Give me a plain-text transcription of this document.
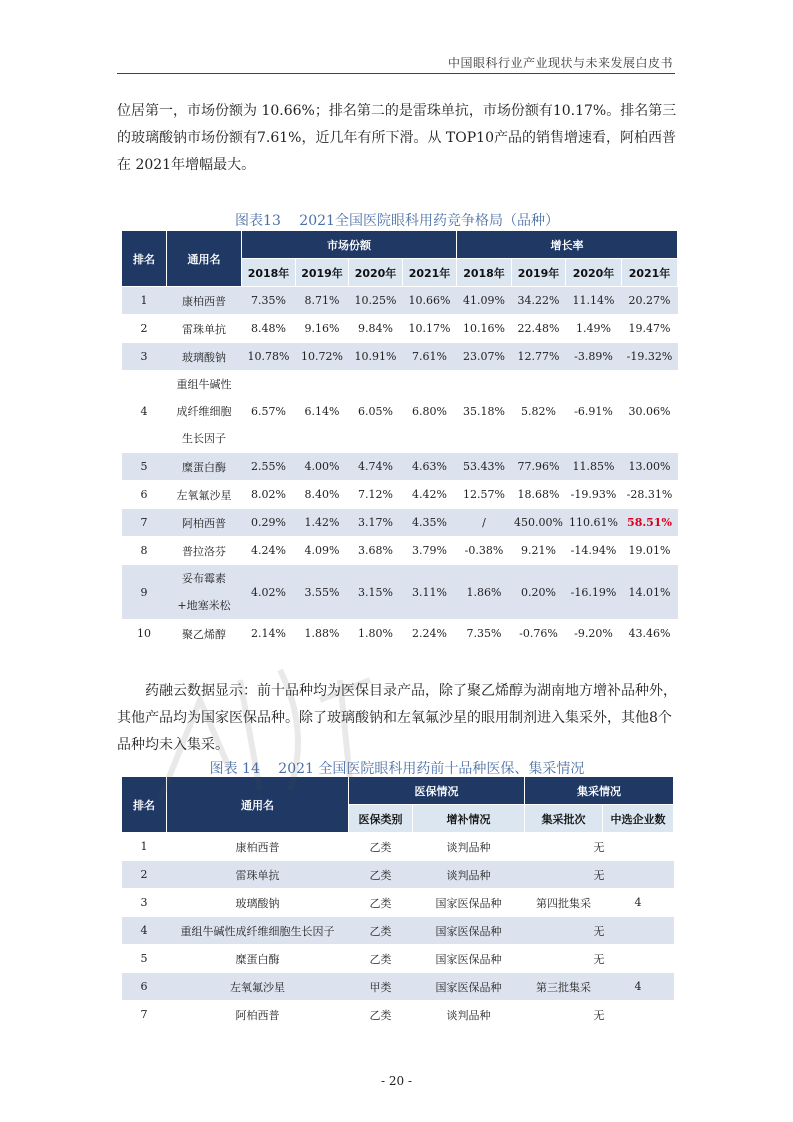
中国眼科行业产业现状与未来发展白皮书

位居第一，市场份额为 10.66%；排名第二的是雷珠单抗，市场份额有10.17%。排名第三的玻璃酸钠市场份额有7.61%，近几年有所下滑。从 TOP10产品的销售增速看，阿柏西普在 2021年增幅最大。

图表13　 2021全国医院眼科用药竞争格局（品种）
排名	通用名	市场份额				增长率			
		2018年	2019年	2020年	2021年	2018年	2019年	2020年	2021年
1	康柏西普	7.35%	8.71%	10.25%	10.66%	41.09%	34.22%	11.14%	20.27%
2	雷珠单抗	8.48%	9.16%	9.84%	10.17%	10.16%	22.48%	1.49%	19.47%
3	玻璃酸钠	10.78%	10.72%	10.91%	7.61%	23.07%	12.77%	-3.89%	-19.32%
4	重组牛碱性成纤维细胞生长因子	6.57%	6.14%	6.05%	6.80%	35.18%	5.82%	-6.91%	30.06%
5	糜蛋白酶	2.55%	4.00%	4.74%	4.63%	53.43%	77.96%	11.85%	13.00%
6	左氧氟沙星	8.02%	8.40%	7.12%	4.42%	12.57%	18.68%	-19.93%	-28.31%
7	阿柏西普	0.29%	1.42%	3.17%	4.35%	/	450.00%	110.61%	58.51%
8	普拉洛芬	4.24%	4.09%	3.68%	3.79%	-0.38%	9.21%	-14.94%	19.01%
9	妥布霉素+地塞米松	4.02%	3.55%	3.15%	3.11%	1.86%	0.20%	-16.19%	14.01%
10	聚乙烯醇	2.14%	1.88%	1.80%	2.24%	7.35%	-0.76%	-9.20%	43.46%

药融云数据显示：前十品种均为医保目录产品，除了聚乙烯醇为湖南地方增补品种外，其他产品均为国家医保品种。除了玻璃酸钠和左氧氟沙星的眼用制剂进入集采外，其他8个品种均未入集采。

图表 14　 2021 全国医院眼科用药前十品种医保、集采情况
排名	通用名	医保情况		集采情况	
		医保类别	增补情况	集采批次	中选企业数
1	康柏西普	乙类	谈判品种	无	
2	雷珠单抗	乙类	谈判品种	无	
3	玻璃酸钠	乙类	国家医保品种	第四批集采	4
4	重组牛碱性成纤维细胞生长因子	乙类	国家医保品种	无	
5	糜蛋白酶	乙类	国家医保品种	无	
6	左氧氟沙星	甲类	国家医保品种	第三批集采	4
7	阿柏西普	乙类	谈判品种	无	
- 20 -
